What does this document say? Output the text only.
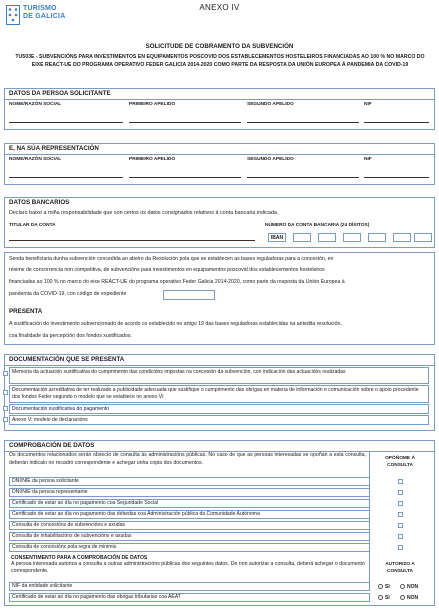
TURISMO
DE GALICIA
ANEXO IV
SOLICITUDE DE COBRAMENTO DA SUBVENCIÓN
TU503E - SUBVENCIÓNS PARA INVESTIMENTOS EN EQUIPAMENTOS POSCOVID DOS ESTABLECEMENTOS HOSTELEIROS FINANCIADAS AO 100 % NO MARCO DO EIXE REACT-UE DO PROGRAMA OPERATIVO FEDER GALICIA 2014-2020 COMO PARTE DA RESPOSTA DA UNIÓN EUROPEA Á PANDEMIA DA COVID-19
DATOS DA PERSOA SOLICITANTE
NOME/RAZÓN SOCIAL	PRIMEIRO APELIDO	SEGUNDO APELIDO	NIF
E, NA SÚA REPRESENTACIÓN
NOME/RAZÓN SOCIAL	PRIMEIRO APELIDO	SEGUNDO APELIDO	NIF
DATOS BANCARIOS
Declaro baixo a miña responsabilidade que son certos os datos consignados relativos á conta bancaria indicada.
TITULAR DA CONTA	NÚMERO DA CONTA BANCARIA (24 DÍXITOS)
IBAN
Senda beneficiaria dunha subvención concedida ao abeiro da Resolución pola que se establecen as bases reguladoras para a concesión, en
réxime de concorrencia non competitiva, de subvencións para investimentos en equipamentos poscovid dos establecementos hosteleiros
financiadas ao 100 % no marco do eixe REACT-UE do programa operativo Feder Galicia 2014-2020, como parte da resposta da Unión Europea á
pandemia da COVID-19, con código de expediente
PRESENTA
A xustificación do investimento subvencionado de acordo co establecido no artigo 19 das bases reguladoras establecidas na antedita resolución,
coa finalidade da percepción dos fondos xustificados.
DOCUMENTACIÓN QUE SE PRESENTA
Memoria da actuación xustificativa do cumprimento das condicións impostas na concesión da subvención, con indicación das actuacións realizadas
Documentación acreditativa de ter realizado a publicidade adecuada que xustifique o cumprimento das obrigas en materia de información e comunicación sobre o apoio procedente dos fondos Feder segundo o modelo que se establece no anexo VI
Documentación xustificativa do pagamento
Anexo V: modelo de declaracións
COMPROBACIÓN DE DATOS
Os documentos relacionados serán obxecto de consulta ás administracións públicas. No caso de que as persoas interesadas se opoñan a esta consulta, deberán indicalo no recadro correspondente e achegar unha copia dos documentos.
OPÓÑOME Á CONSULTA
DNI/NIE da persoa solicitante
DNI/NIE da persoa representante
Certificado de estar ao día no pagamento coa Seguridade Social
Certificado de estar ao día no pagamento das débedas coa Administración pública da Comunidade Autónoma
Consulta de concesións de subvencións e axudas
Consulta de inhabilitacións de subvencións e axudas
Consulta de concesións pola regra de minimis
CONSENTIMENTO PARA A COMPROBACIÓN DE DATOS
A persoa interesada autoriza a consulta a outras administracións públicas dos seguintes datos. De non autorizar a consulta, deberá achegar o documento correspondente.
AUTORIZO A CONSULTA
NIF da entidade solicitante	SI	NON
Certificado de estar ao día no pagamento das obrigas tributarias coa AEAT	SI	NON
